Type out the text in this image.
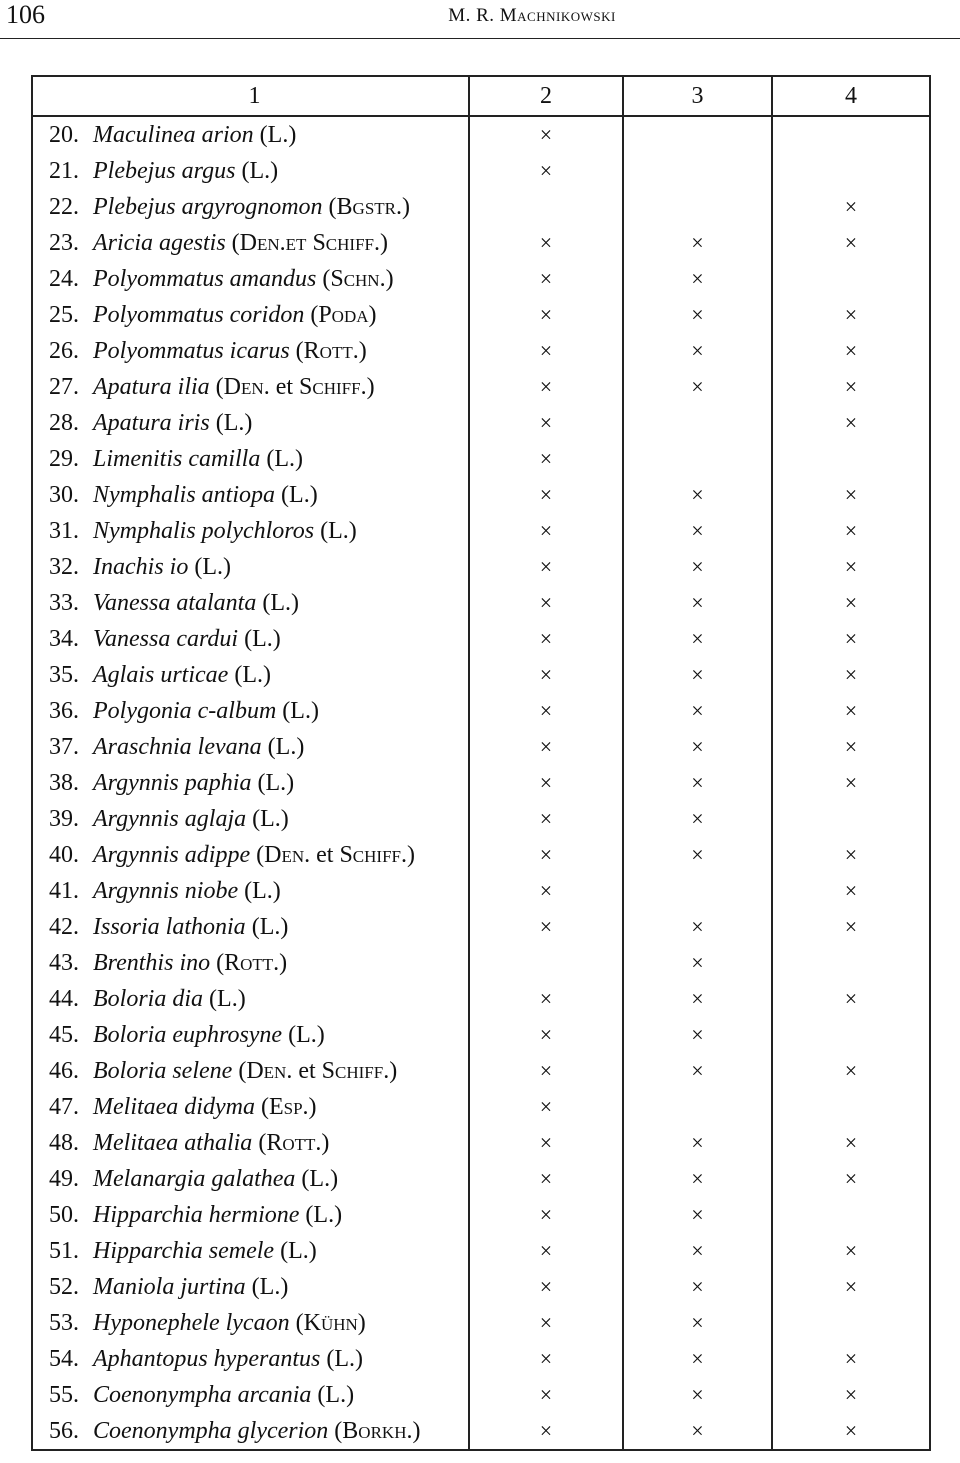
106	M. R. Machnikowski
1	2	3	4
20. Maculinea arion (L.)	×		
21. Plebejus argus (L.)	×		
22. Plebejus argyrognomon (Bgstr.)			×
23. Aricia agestis (Den.et Schiff.)	×	×	×
24. Polyommatus amandus (Schn.)	×	×	
25. Polyommatus coridon (Poda)	×	×	×
26. Polyommatus icarus (Rott.)	×	×	×
27. Apatura ilia (Den. et Schiff.)	×	×	×
28. Apatura iris (L.)	×		×
29. Limenitis camilla (L.)	×		
30. Nymphalis antiopa (L.)	×	×	×
31. Nymphalis polychloros (L.)	×	×	×
32. Inachis io (L.)	×	×	×
33. Vanessa atalanta (L.)	×	×	×
34. Vanessa cardui (L.)	×	×	×
35. Aglais urticae (L.)	×	×	×
36. Polygonia c-album (L.)	×	×	×
37. Araschnia levana (L.)	×	×	×
38. Argynnis paphia (L.)	×	×	×
39. Argynnis aglaja (L.)	×	×	
40. Argynnis adippe (Den. et Schiff.)	×	×	×
41. Argynnis niobe (L.)	×		×
42. Issoria lathonia (L.)	×	×	×
43. Brenthis ino (Rott.)		×	
44. Boloria dia (L.)	×	×	×
45. Boloria euphrosyne (L.)	×	×	
46. Boloria selene (Den. et Schiff.)	×	×	×
47. Melitaea didyma (Esp.)	×		
48. Melitaea athalia (Rott.)	×	×	×
49. Melanargia galathea (L.)	×	×	×
50. Hipparchia hermione (L.)	×	×	
51. Hipparchia semele (L.)	×	×	×
52. Maniola jurtina (L.)	×	×	×
53. Hyponephele lycaon (Kühn)	×	×	
54. Aphantopus hyperantus (L.)	×	×	×
55. Coenonympha arcania (L.)	×	×	×
56. Coenonympha glycerion (Borkh.)	×	×	×
